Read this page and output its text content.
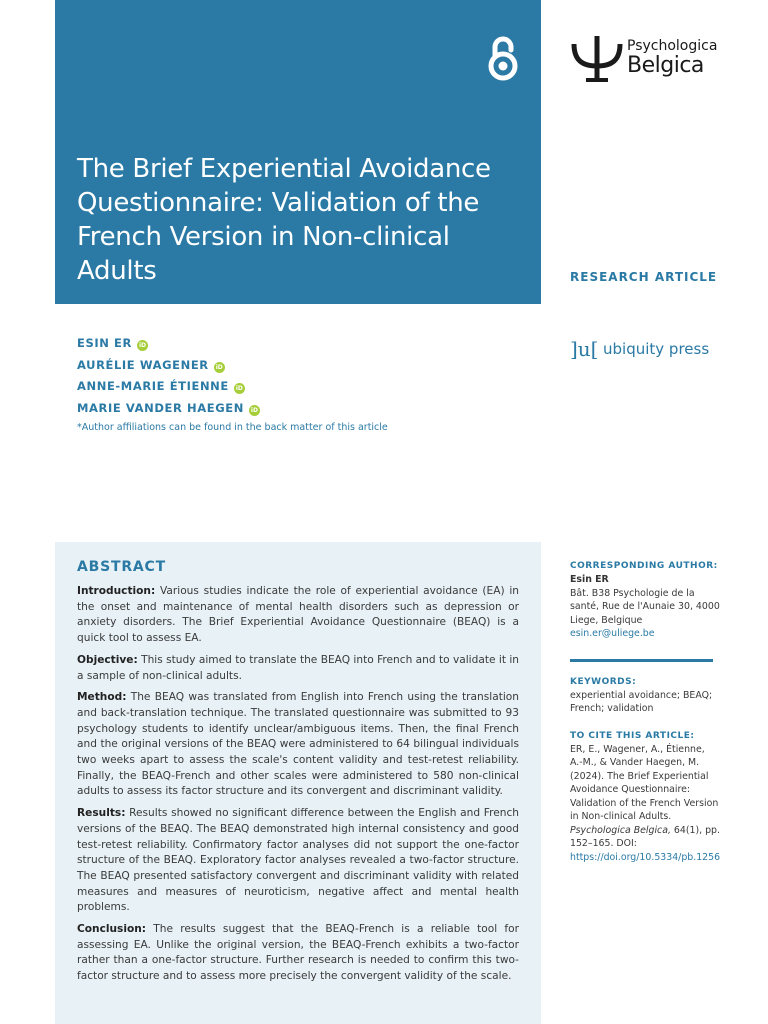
The Brief Experiential Avoidance Questionnaire: Validation of the French Version in Non-clinical Adults
Psychologica
Belgica
RESEARCH ARTICLE
]u[ ubiquity press
ESIN ER iD
AURÉLIE WAGENER iD
ANNE-MARIE ÉTIENNE iD
MARIE VANDER HAEGEN iD
*Author affiliations can be found in the back matter of this article
ABSTRACT

Introduction: Various studies indicate the role of experiential avoidance (EA) in the onset and maintenance of mental health disorders such as depression or anxiety disorders. The Brief Experiential Avoidance Questionnaire (BEAQ) is a quick tool to assess EA.

Objective: This study aimed to translate the BEAQ into French and to validate it in a sample of non-clinical adults.

Method: The BEAQ was translated from English into French using the translation and back-translation technique. The translated questionnaire was submitted to 93 psychology students to identify unclear/ambiguous items. Then, the final French and the original versions of the BEAQ were administered to 64 bilingual individuals two weeks apart to assess the scale's content validity and test-retest reliability. Finally, the BEAQ-French and other scales were administered to 580 non-clinical adults to assess its factor structure and its convergent and discriminant validity.

Results: Results showed no significant difference between the English and French versions of the BEAQ. The BEAQ demonstrated high internal consistency and good test-retest reliability. Confirmatory factor analyses did not support the one-factor structure of the BEAQ. Exploratory factor analyses revealed a two-factor structure. The BEAQ presented satisfactory convergent and discriminant validity with related measures and measures of neuroticism, negative affect and mental health problems.

Conclusion: The results suggest that the BEAQ-French is a reliable tool for assessing EA. Unlike the original version, the BEAQ-French exhibits a two-factor rather than a one-factor structure. Further research is needed to confirm this two-factor structure and to assess more precisely the convergent validity of the scale.

CORRESPONDING AUTHOR:
Esin ER
Bât. B38 Psychologie de la santé, Rue de l'Aunaie 30, 4000 Liege, Belgique
esin.er@uliege.be
KEYWORDS:
experiential avoidance; BEAQ; French; validation
TO CITE THIS ARTICLE:
ER, E., Wagener, A., Étienne, A.-M., & Vander Haegen, M. (2024). The Brief Experiential Avoidance Questionnaire: Validation of the French Version in Non-clinical Adults. Psychologica Belgica, 64(1), pp. 152–165. DOI: https://doi.org/10.5334/pb.1256
